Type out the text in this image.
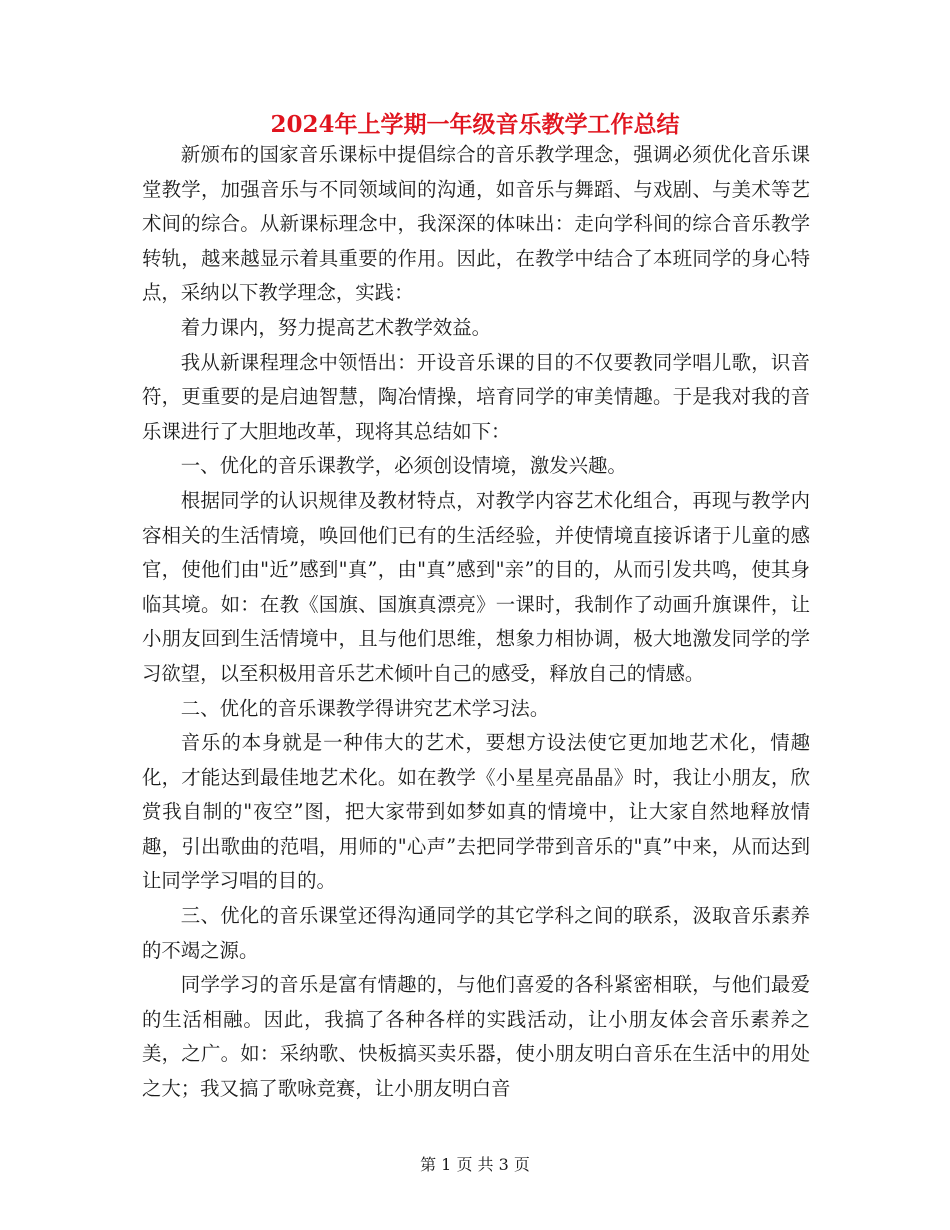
2024年上学期一年级音乐教学工作总结

新颁布的国家音乐课标中提倡综合的音乐教学理念，强调必须优化音乐课堂教学，加强音乐与不同领域间的沟通，如音乐与舞蹈、与戏剧、与美术等艺术间的综合。从新课标理念中，我深深的体味出：走向学科间的综合音乐教学转轨，越来越显示着具重要的作用。因此，在教学中结合了本班同学的身心特点，采纳以下教学理念，实践：

着力课内，努力提高艺术教学效益。

我从新课程理念中领悟出：开设音乐课的目的不仅要教同学唱儿歌，识音符，更重要的是启迪智慧，陶冶情操，培育同学的审美情趣。于是我对我的音乐课进行了大胆地改革，现将其总结如下：

一、优化的音乐课教学，必须创设情境，激发兴趣。

根据同学的认识规律及教材特点，对教学内容艺术化组合，再现与教学内容相关的生活情境，唤回他们已有的生活经验，并使情境直接诉诸于儿童的感官，使他们由"近”感到"真”，由"真”感到"亲”的目的，从而引发共鸣，使其身临其境。如：在教《国旗、国旗真漂亮》一课时，我制作了动画升旗课件，让小朋友回到生活情境中，且与他们思维，想象力相协调，极大地激发同学的学习欲望，以至积极用音乐艺术倾叶自己的感受，释放自己的情感。

二、优化的音乐课教学得讲究艺术学习法。

音乐的本身就是一种伟大的艺术，要想方设法使它更加地艺术化，情趣化，才能达到最佳地艺术化。如在教学《小星星亮晶晶》时，我让小朋友，欣赏我自制的"夜空”图，把大家带到如梦如真的情境中，让大家自然地释放情趣，引出歌曲的范唱，用师的"心声”去把同学带到音乐的"真”中来，从而达到让同学学习唱的目的。

三、优化的音乐课堂还得沟通同学的其它学科之间的联系，汲取音乐素养的不竭之源。

同学学习的音乐是富有情趣的，与他们喜爱的各科紧密相联，与他们最爱的生活相融。因此，我搞了各种各样的实践活动，让小朋友体会音乐素养之美，之广。如：采纳歌、快板搞买卖乐器，使小朋友明白音乐在生活中的用处之大；我又搞了歌咏竞赛，让小朋友明白音

第 1 页 共 3 页
